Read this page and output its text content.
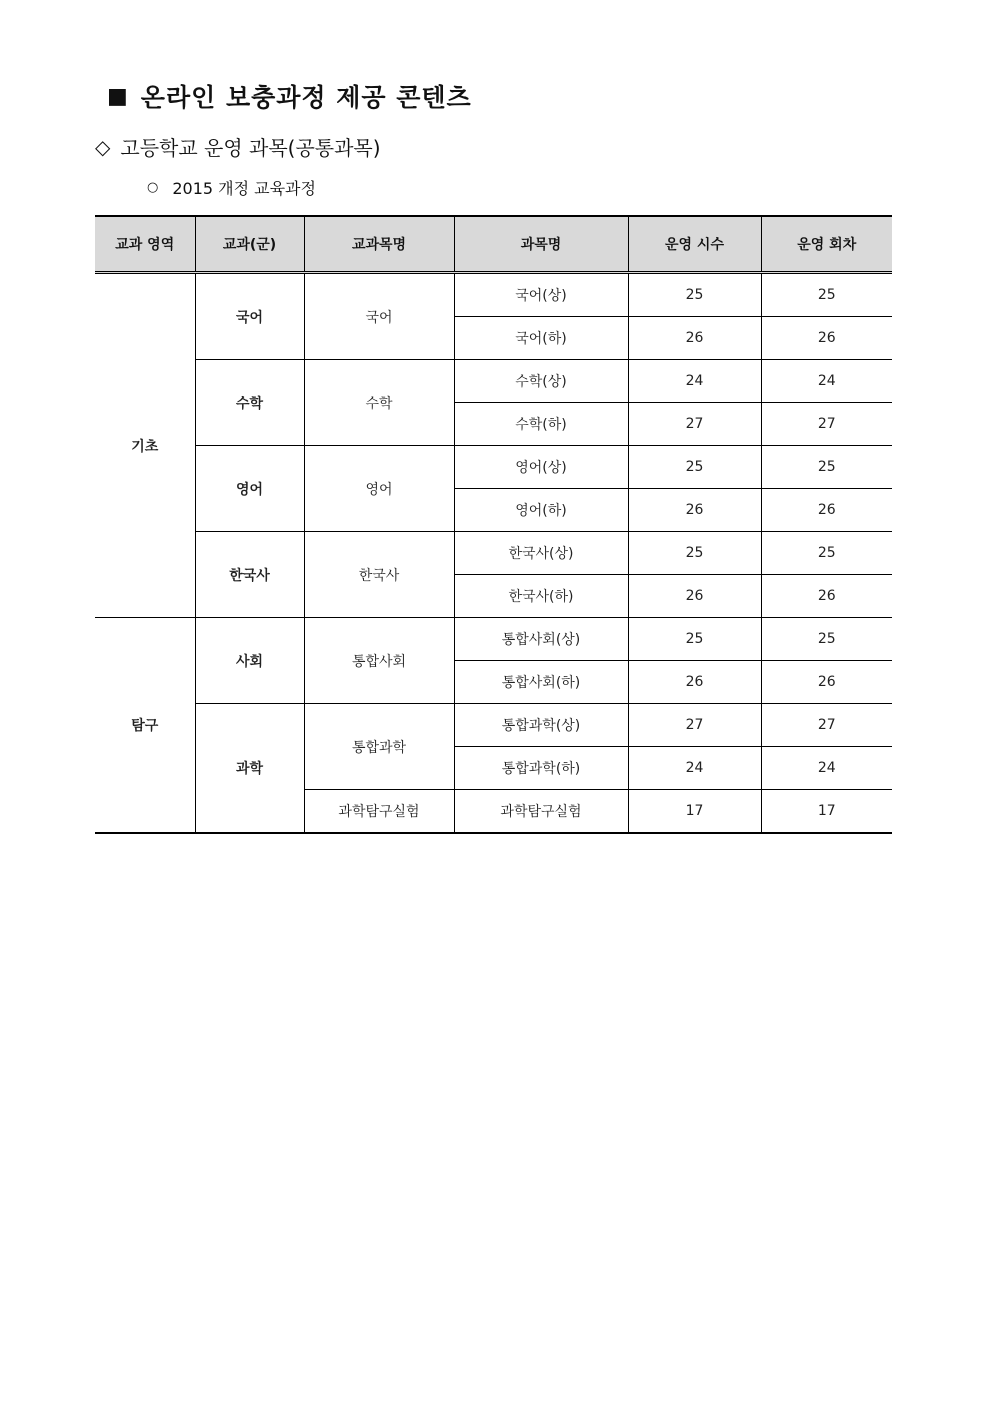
■ 온라인 보충과정 제공 콘텐츠
◇ 고등학교 운영 과목(공통과목)
○ 2015 개정 교육과정
교과 영역	교과(군)	교과목명	과목명	운영 시수	운영 회차
기초	국어	국어	국어(상)	25	25
			국어(하)	26	26
	수학	수학	수학(상)	24	24
			수학(하)	27	27
	영어	영어	영어(상)	25	25
			영어(하)	26	26
	한국사	한국사	한국사(상)	25	25
			한국사(하)	26	26
탐구	사회	통합사회	통합사회(상)	25	25
			통합사회(하)	26	26
	과학	통합과학	통합과학(상)	27	27
			통합과학(하)	24	24
		과학탐구실험	과학탐구실험	17	17
